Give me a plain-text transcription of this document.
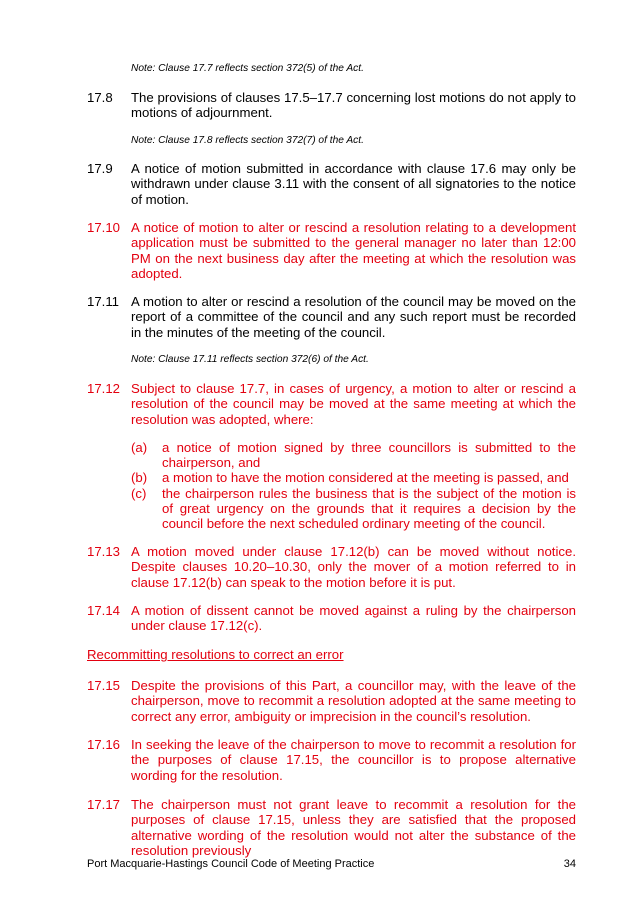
Note: Clause 17.7 reflects section 372(5) of the Act.
17.8	The provisions of clauses 17.5–17.7 concerning lost motions do not apply to motions of adjournment.
Note: Clause 17.8 reflects section 372(7) of the Act.
17.9	A notice of motion submitted in accordance with clause 17.6 may only be withdrawn under clause 3.11 with the consent of all signatories to the notice of motion.
17.10 A notice of motion to alter or rescind a resolution relating to a development application must be submitted to the general manager no later than 12:00 PM on the next business day after the meeting at which the resolution was adopted.
17.11 A motion to alter or rescind a resolution of the council may be moved on the report of a committee of the council and any such report must be recorded in the minutes of the meeting of the council.
Note: Clause 17.11 reflects section 372(6) of the Act.
17.12 Subject to clause 17.7, in cases of urgency, a motion to alter or rescind a resolution of the council may be moved at the same meeting at which the resolution was adopted, where:
(a) a notice of motion signed by three councillors is submitted to the chairperson, and
(b) a motion to have the motion considered at the meeting is passed, and
(c) the chairperson rules the business that is the subject of the motion is of great urgency on the grounds that it requires a decision by the council before the next scheduled ordinary meeting of the council.
17.13 A motion moved under clause 17.12(b) can be moved without notice. Despite clauses 10.20–10.30, only the mover of a motion referred to in clause 17.12(b) can speak to the motion before it is put.
17.14 A motion of dissent cannot be moved against a ruling by the chairperson under clause 17.12(c).
Recommitting resolutions to correct an error
17.15 Despite the provisions of this Part, a councillor may, with the leave of the chairperson, move to recommit a resolution adopted at the same meeting to correct any error, ambiguity or imprecision in the council’s resolution.
17.16 In seeking the leave of the chairperson to move to recommit a resolution for the purposes of clause 17.15, the councillor is to propose alternative wording for the resolution.
17.17 The chairperson must not grant leave to recommit a resolution for the purposes of clause 17.15, unless they are satisfied that the proposed alternative wording of the resolution would not alter the substance of the resolution previously
Port Macquarie-Hastings Council Code of Meeting Practice	34
